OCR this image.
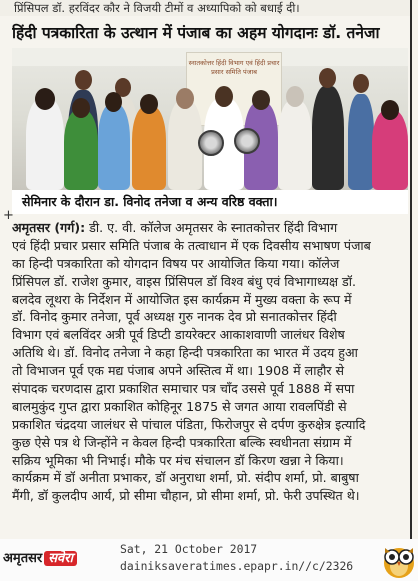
प्रिंसिपल डॉ. हरविंदर कौर ने विजयी टीमों व अध्यापिको को बधाई दी।
हिंदी पत्रकारिता के उत्थान में पंजाब का अहम योगदानः डॉ. तनेजा
स्नातकोत्तर हिंदी विभाग एवं हिंदी प्रचार प्रसार समिति पंजाब
सेमिनार के दौरान डा. विनोद तनेजा व अन्य वरिष्ठ वक्ता।
+
अमृतसर (गर्ग): डी. ए. वी. कॉलेज अमृतसर के स्नातकोत्तर हिंदी विभाग
एवं हिंदी प्रचार प्रसार समिति पंजाब के तत्वाधान में एक दिवसीय सभाषण पंजाब
का हिन्दी पत्रकारिता को योगदान विषय पर आयोजित किया गया। कॉलेज
प्रिंसिपल डॉ. राजेश कुमार, वाइस प्रिंसिपल डॉ विश्व बंधु एवं विभागाध्यक्ष डॉ.
बलदेव लूथरा के निर्देशन में आयोजित इस कार्यक्रम में मुख्य वक्ता के रूप में
डॉ. विनोद कुमार तनेजा, पूर्व अध्यक्ष गुरु नानक देव प्रो सनातकोत्तर हिंदी
विभाग एवं बलविंदर अत्री पूर्व डिप्टी डायरेक्टर आकाशवाणी जालंधर विशेष
अतिथि थे। डॉ. विनोद तनेजा ने कहा हिन्दी पत्रकारिता का भारत में उदय हुआ
तो विभाजन पूर्व एक मद्य पंजाब अपने अस्तित्व में था। 1908 में लाहौर से
संपादक चरणदास द्वारा प्रकाशित समाचार पत्र चाँद उससे पूर्व 1888 में सपा
बालमुकुंद गुप्त द्वारा प्रकाशित कोहिनूर 1875 से जगत आया रावलपिंडी से
प्रकाशित चंद्रदया जालंधर से पांचाल पंडिता, फिरोजपुर से दर्पण कुरुक्षेत्र इत्यादि
कुछ ऐसे पत्र थे जिन्होंने न केवल हिन्दी पत्रकारिता बल्कि स्वधीनता संग्राम में
सक्रिय भूमिका भी निभाई। मौके पर मंच संचालन डॉ किरण खन्ना ने किया।
कार्यक्रम में डॉ अनीता प्रभाकर, डॉ अनुराधा शर्मा, प्रो. संदीप शर्मा, प्रो. बाबुषा
मैंगी, डॉ कुलदीप आर्य, प्रो सीमा चौहान, प्रो सीमा शर्मा, प्रो. फेरी उपस्थित थे।
अमृतसर सवेरा
Sat, 21 October 2017
dainiksaveratimes.epapr.in//c/2326
